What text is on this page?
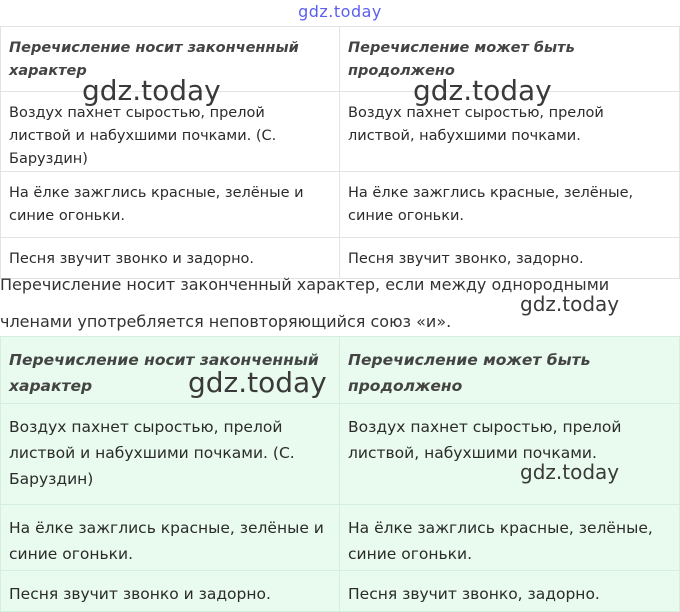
gdz.today
Перечисление носит законченный характер	Перечисление может быть продолжено
Воздух пахнет сыростью, прелой листвой и набухшими почками. (С. Баруздин)	Воздух пахнет сыростью, прелой листвой, набухшими почками.
На ёлке зажглись красные, зелёные и синие огоньки.	На ёлке зажглись красные, зелёные, синие огоньки.
Песня звучит звонко и задорно.	Песня звучит звонко, задорно.
Перечисление носит законченный характер, если между однородными членами употребляется неповторяющийся союз «и».
Перечисление носит законченный характер	Перечисление может быть продолжено
Воздух пахнет сыростью, прелой листвой и набухшими почками. (С. Баруздин)	Воздух пахнет сыростью, прелой листвой, набухшими почками.
На ёлке зажглись красные, зелёные и синие огоньки.	На ёлке зажглись красные, зелёные, синие огоньки.
Песня звучит звонко и задорно.	Песня звучит звонко, задорно.
gdz.today	gdz.today
gdz.today
gdz.today
gdz.today
